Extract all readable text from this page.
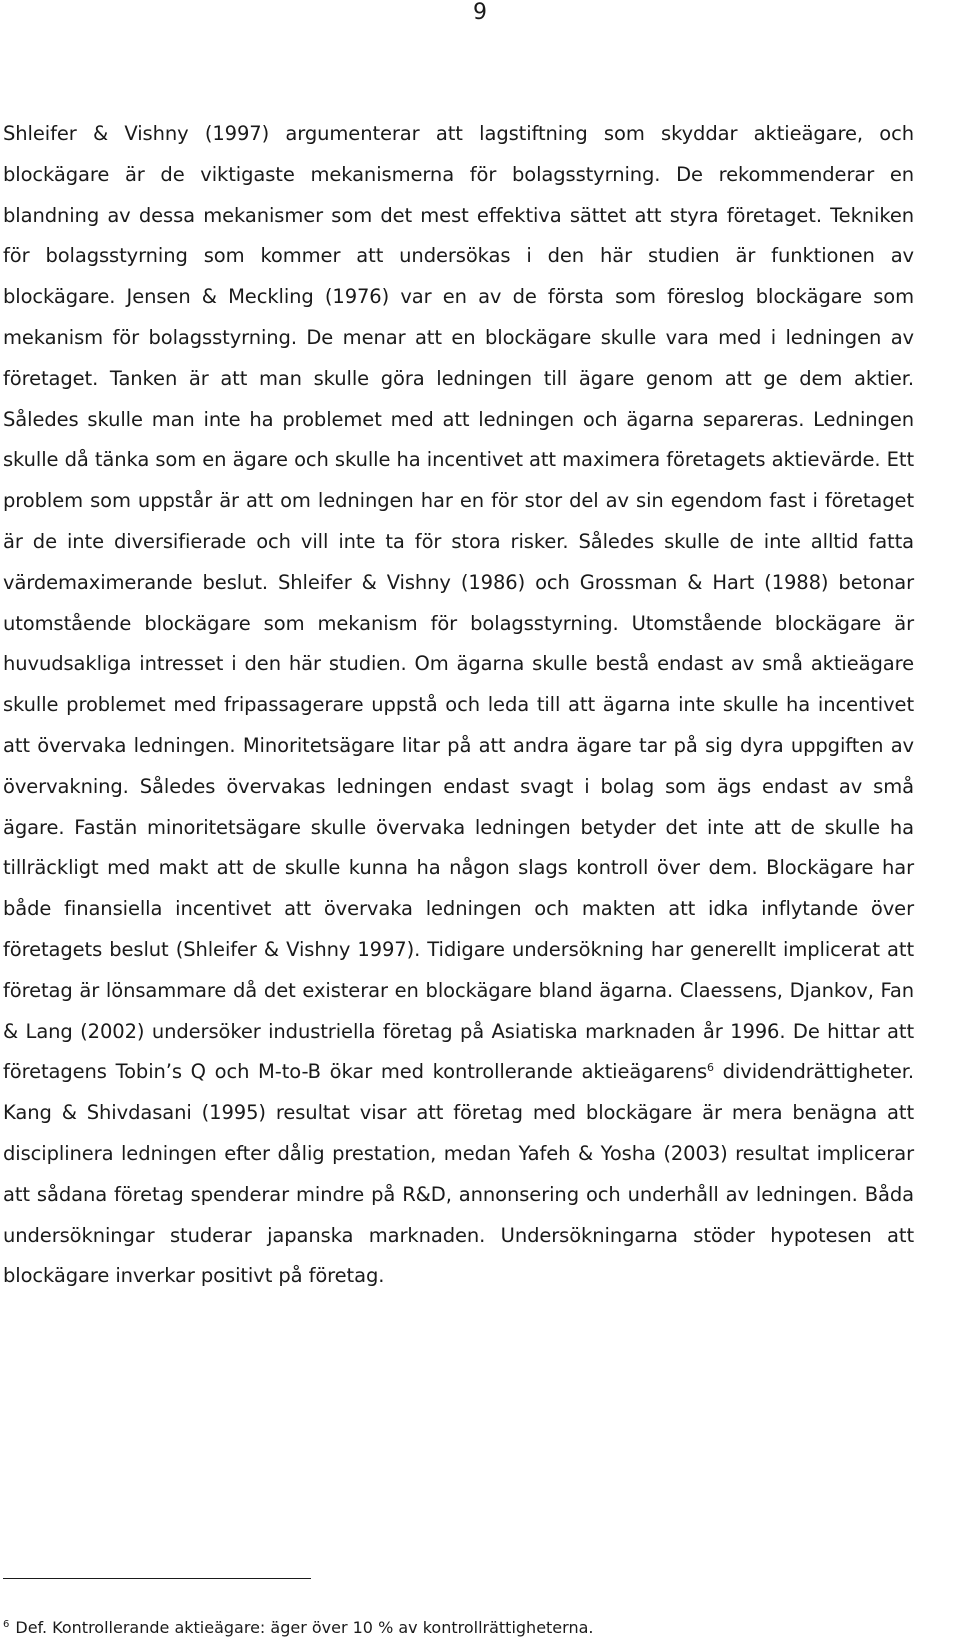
9

Shleifer & Vishny (1997) argumenterar att lagstiftning som skyddar aktieägare, och blockägare är de viktigaste mekanismerna för bolagsstyrning. De rekommenderar en blandning av dessa mekanismer som det mest effektiva sättet att styra företaget. Tekniken för bolagsstyrning som kommer att undersökas i den här studien är funktionen av blockägare. Jensen & Meckling (1976) var en av de första som föreslog blockägare som mekanism för bolagsstyrning. De menar att en blockägare skulle vara med i ledningen av företaget. Tanken är att man skulle göra ledningen till ägare genom att ge dem aktier. Således skulle man inte ha problemet med att ledningen och ägarna separeras. Ledningen skulle då tänka som en ägare och skulle ha incentivet att maximera företagets aktievärde. Ett problem som uppstår är att om ledningen har en för stor del av sin egendom fast i företaget är de inte diversifierade och vill inte ta för stora risker. Således skulle de inte alltid fatta värdemaximerande beslut. Shleifer & Vishny (1986) och Grossman & Hart (1988) betonar utomstående blockägare som mekanism för bolagsstyrning. Utomstående blockägare är huvudsakliga intresset i den här studien. Om ägarna skulle bestå endast av små aktieägare skulle problemet med fripassagerare uppstå och leda till att ägarna inte skulle ha incentivet att övervaka ledningen. Minoritetsägare litar på att andra ägare tar på sig dyra uppgiften av övervakning. Således övervakas ledningen endast svagt i bolag som ägs endast av små ägare. Fastän minoritetsägare skulle övervaka ledningen betyder det inte att de skulle ha tillräckligt med makt att de skulle kunna ha någon slags kontroll över dem. Blockägare har både finansiella incentivet att övervaka ledningen och makten att idka inflytande över företagets beslut (Shleifer & Vishny 1997). Tidigare undersökning har generellt implicerat att företag är lönsammare då det existerar en blockägare bland ägarna. Claessens, Djankov, Fan & Lang (2002) undersöker industriella företag på Asiatiska marknaden år 1996. De hittar att företagens Tobin’s Q och M-to-B ökar med kontrollerande aktieägarens$^6$ dividendrättigheter. Kang & Shivdasani (1995) resultat visar att företag med blockägare är mera benägna att disciplinera ledningen efter dålig prestation, medan Yafeh & Yosha (2003) resultat implicerar att sådana företag spenderar mindre på R&D, annonsering och underhåll av ledningen. Båda undersökningar studerar japanska marknaden. Undersökningarna stöder hypotesen att blockägare inverkar positivt på företag.

$^6$ Def. Kontrollerande aktieägare: äger över 10 % av kontrollrättigheterna.
